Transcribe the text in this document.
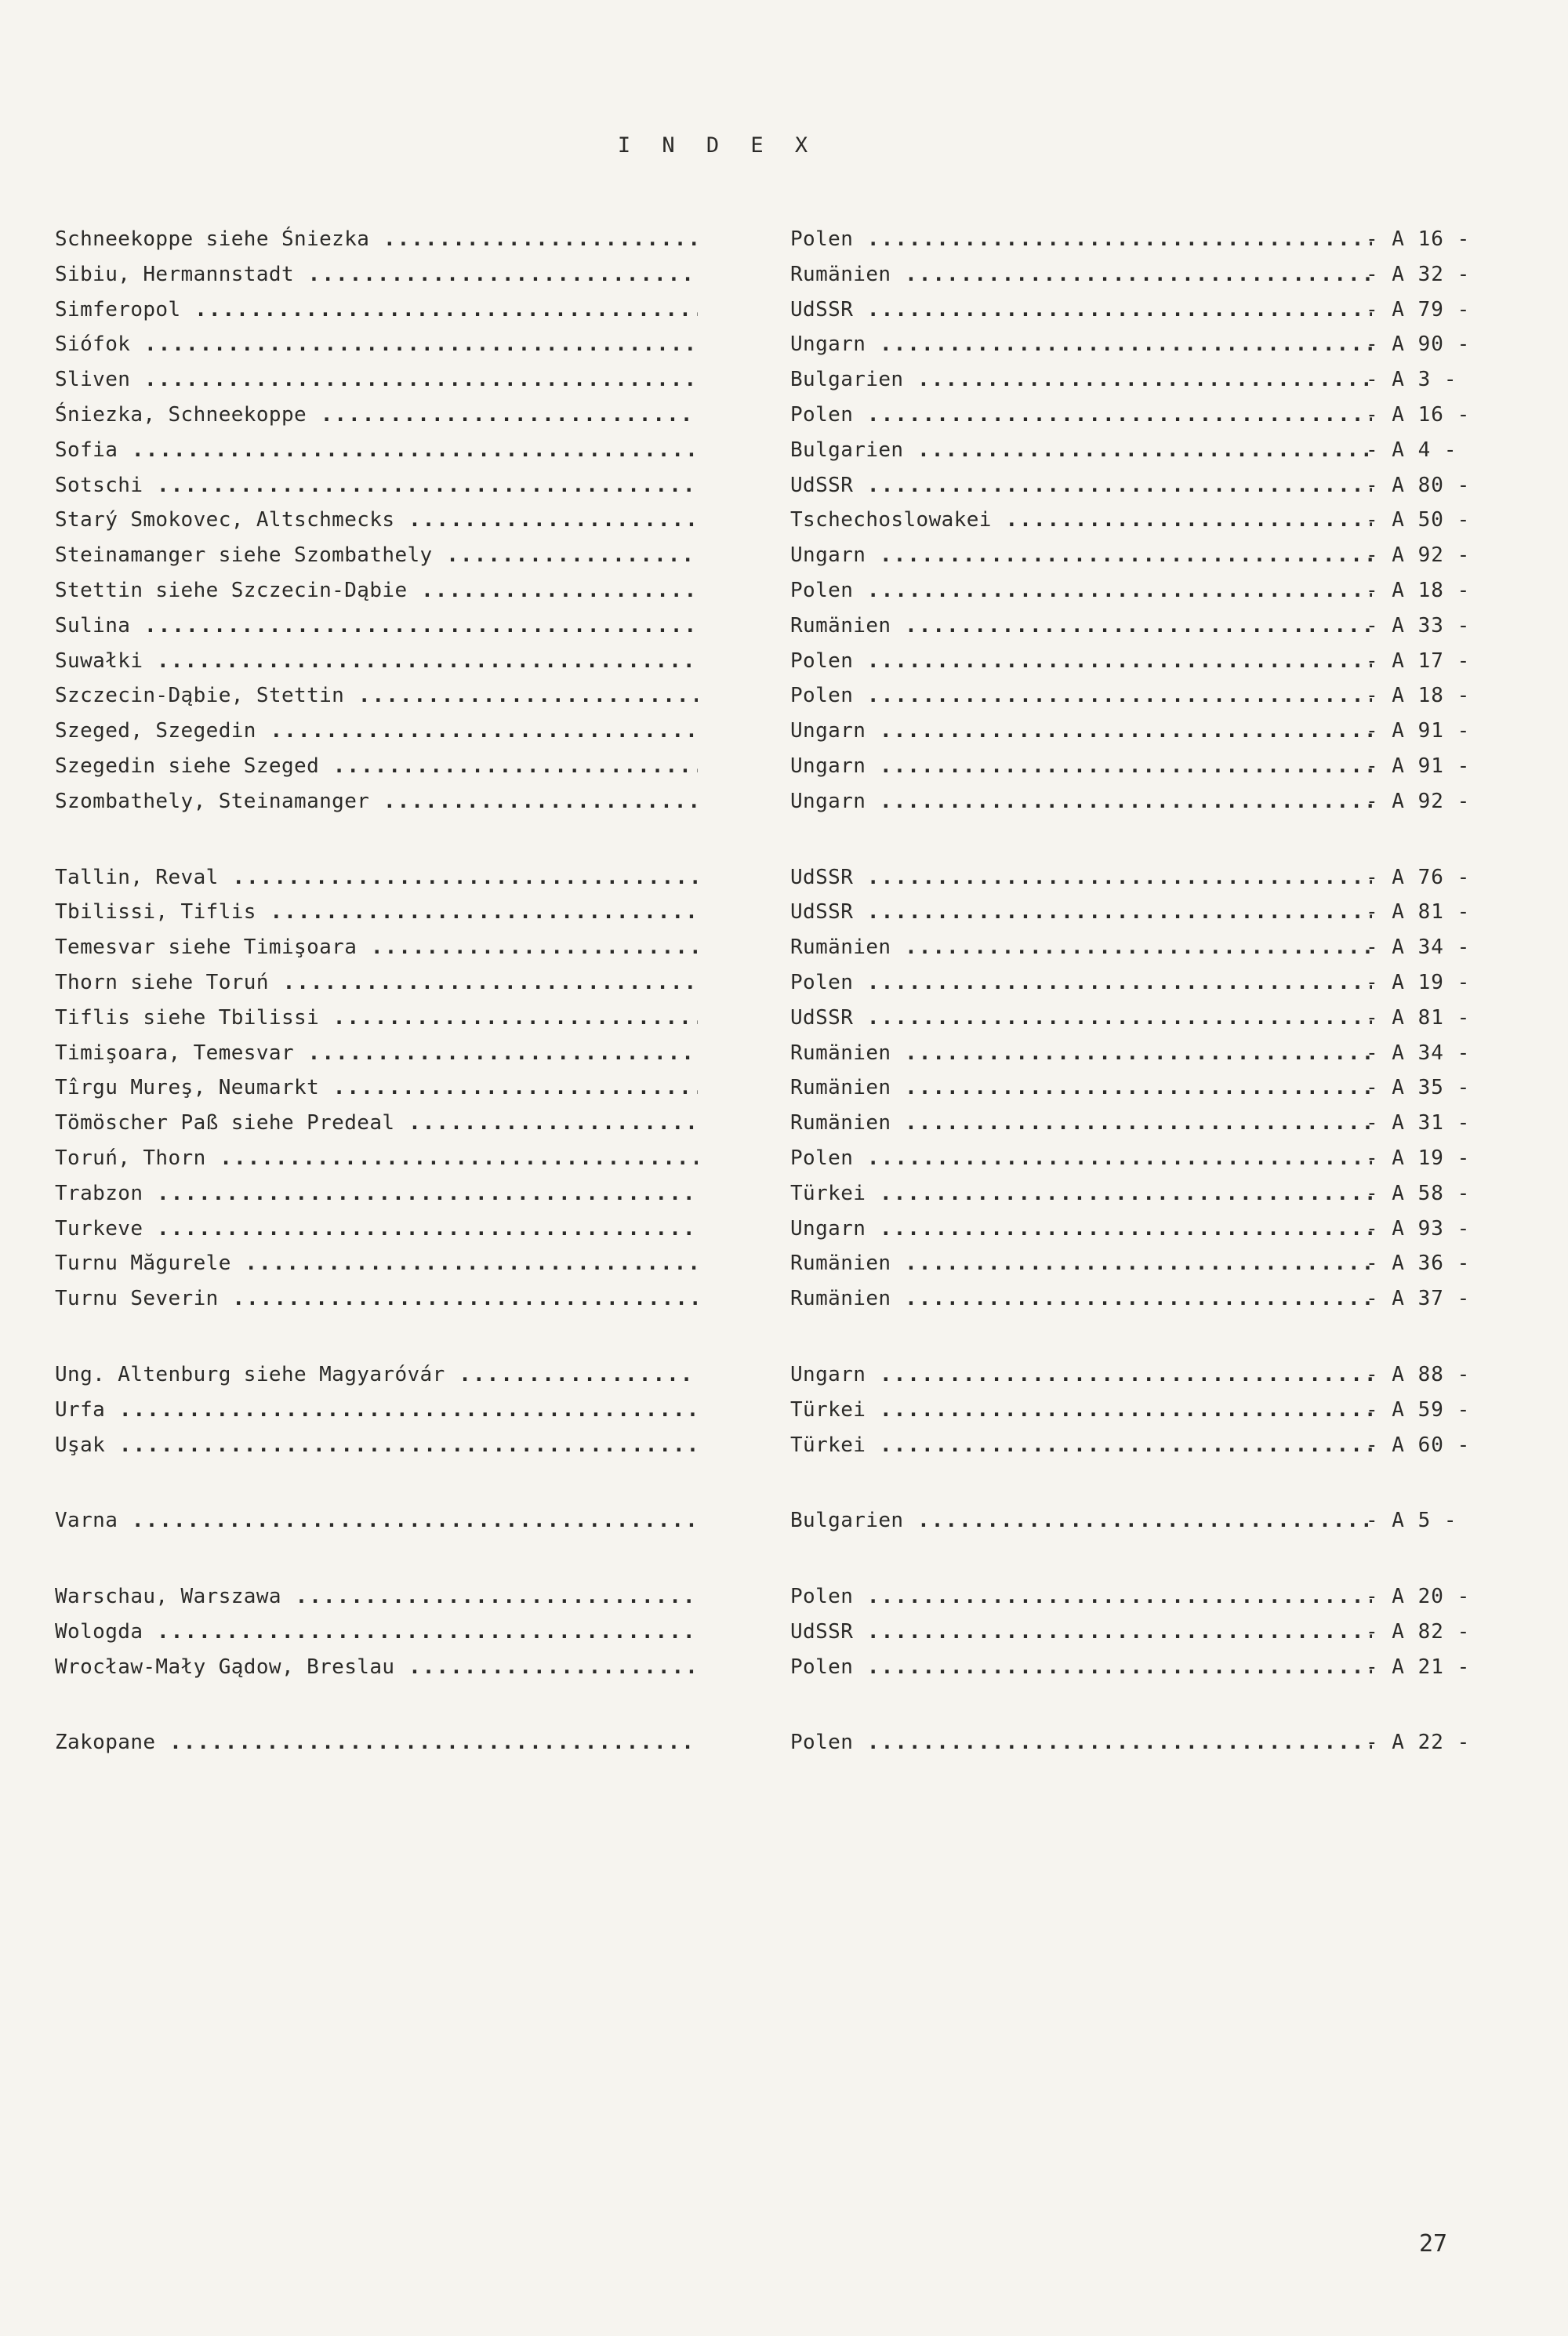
I N D E X
Schneekoppe siehe Śniezka .....	Polen .....	- A 16 -
Sibiu, Hermannstadt .....	Rumänien .....	- A 32 -
Simferopol .....	UdSSR .....	- A 79 -
Siófok .....	Ungarn .....	- A 90 -
Sliven .....	Bulgarien .....	- A 3 -
Śniezka, Schneekoppe .....	Polen .....	- A 16 -
Sofia .....	Bulgarien .....	- A 4 -
Sotschi .....	UdSSR .....	- A 80 -
Starý Smokovec, Altschmecks .....	Tschechoslowakei .....	- A 50 -
Steinamanger siehe Szombathely .....	Ungarn .....	- A 92 -
Stettin siehe Szczecin-Dąbie .....	Polen .....	- A 18 -
Sulina .....	Rumänien .....	- A 33 -
Suwałki .....	Polen .....	- A 17 -
Szczecin-Dąbie, Stettin .....	Polen .....	- A 18 -
Szeged, Szegedin .....	Ungarn .....	- A 91 -
Szegedin siehe Szeged .....	Ungarn .....	- A 91 -
Szombathely, Steinamanger .....	Ungarn .....	- A 92 -
Tallin, Reval .....	UdSSR .....	- A 76 -
Tbilissi, Tiflis .....	UdSSR .....	- A 81 -
Temesvar siehe Timişoara .....	Rumänien .....	- A 34 -
Thorn siehe Toruń .....	Polen .....	- A 19 -
Tiflis siehe Tbilissi .....	UdSSR .....	- A 81 -
Timişoara, Temesvar .....	Rumänien .....	- A 34 -
Tîrgu Mureş, Neumarkt .....	Rumänien .....	- A 35 -
Tömöscher Paß siehe Predeal .....	Rumänien .....	- A 31 -
Toruń, Thorn .....	Polen .....	- A 19 -
Trabzon .....	Türkei .....	- A 58 -
Turkeve .....	Ungarn .....	- A 93 -
Turnu Măgurele .....	Rumänien .....	- A 36 -
Turnu Severin .....	Rumänien .....	- A 37 -
Ung. Altenburg siehe Magyaróvár .....	Ungarn .....	- A 88 -
Urfa .....	Türkei .....	- A 59 -
Uşak .....	Türkei .....	- A 60 -
Varna .....	Bulgarien .....	- A 5 -
Warschau, Warszawa .....	Polen .....	- A 20 -
Wologda .....	UdSSR .....	- A 82 -
Wrocław-Mały Gądow, Breslau .....	Polen .....	- A 21 -
Zakopane .....	Polen .....	- A 22 -
27
